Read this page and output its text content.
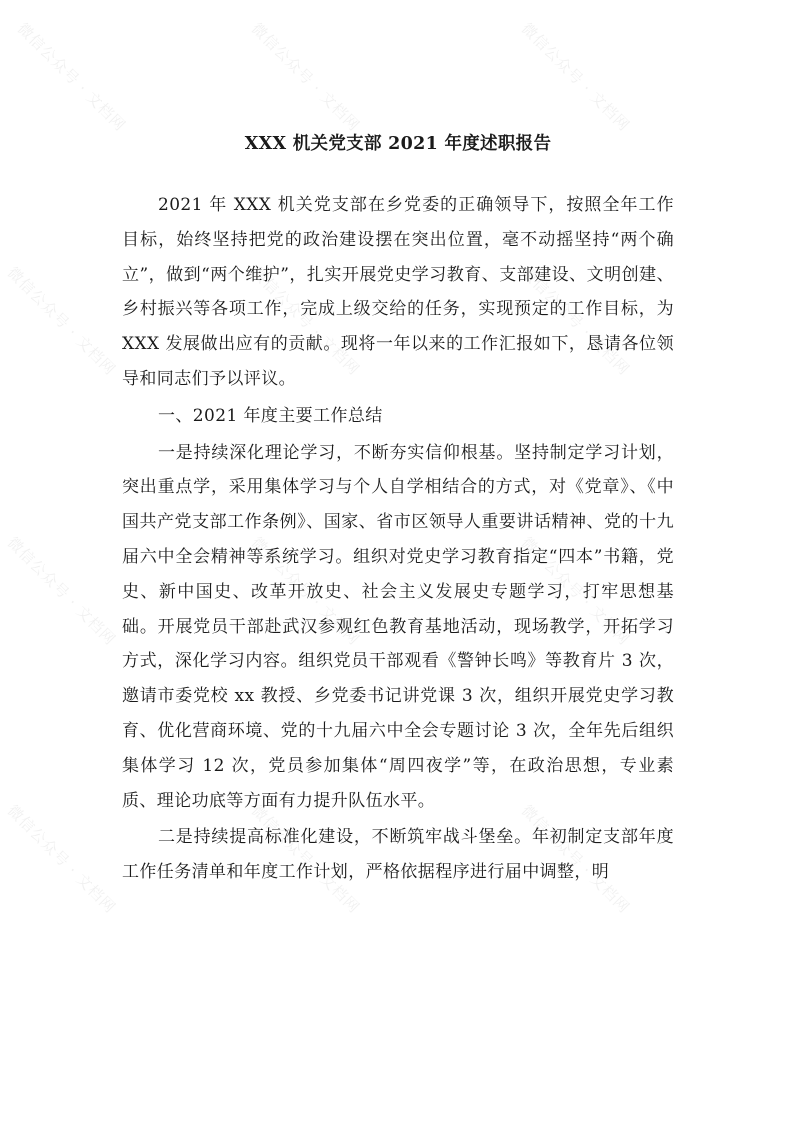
微信公众号 · 文档网	微信公众号 · 文档网	微信公众号 · 文档网
微信公众号 · 文档网	微信公众号 · 文档网	微信公众号 · 文档网
微信公众号 · 文档网	微信公众号 · 文档网	微信公众号 · 文档网
微信公众号 · 文档网	微信公众号 · 文档网	微信公众号 · 文档网
XXX 机关党支部 2021 年度述职报告

2021 年 XXX 机关党支部在乡党委的正确领导下，按照全年工作目标，始终坚持把党的政治建设摆在突出位置，毫不动摇坚持“两个确立”，做到“两个维护”，扎实开展党史学习教育、支部建设、文明创建、乡村振兴等各项工作，完成上级交给的任务，实现预定的工作目标，为 XXX 发展做出应有的贡献。现将一年以来的工作汇报如下，恳请各位领导和同志们予以评议。

一、2021 年度主要工作总结

一是持续深化理论学习，不断夯实信仰根基。坚持制定学习计划，突出重点学，采用集体学习与个人自学相结合的方式，对《党章》、《中国共产党支部工作条例》、国家、省市区领导人重要讲话精神、党的十九届六中全会精神等系统学习。组织对党史学习教育指定“四本”书籍，党史、新中国史、改革开放史、社会主义发展史专题学习，打牢思想基础。开展党员干部赴武汉参观红色教育基地活动，现场教学，开拓学习方式，深化学习内容。组织党员干部观看《警钟长鸣》等教育片 3 次，邀请市委党校 xx 教授、乡党委书记讲党课 3 次，组织开展党史学习教育、优化营商环境、党的十九届六中全会专题讨论 3 次，全年先后组织集体学习 12 次，党员参加集体“周四夜学”等，在政治思想，专业素质、理论功底等方面有力提升队伍水平。

二是持续提高标准化建设，不断筑牢战斗堡垒。年初制定支部年度工作任务清单和年度工作计划，严格依据程序进行届中调整，明
